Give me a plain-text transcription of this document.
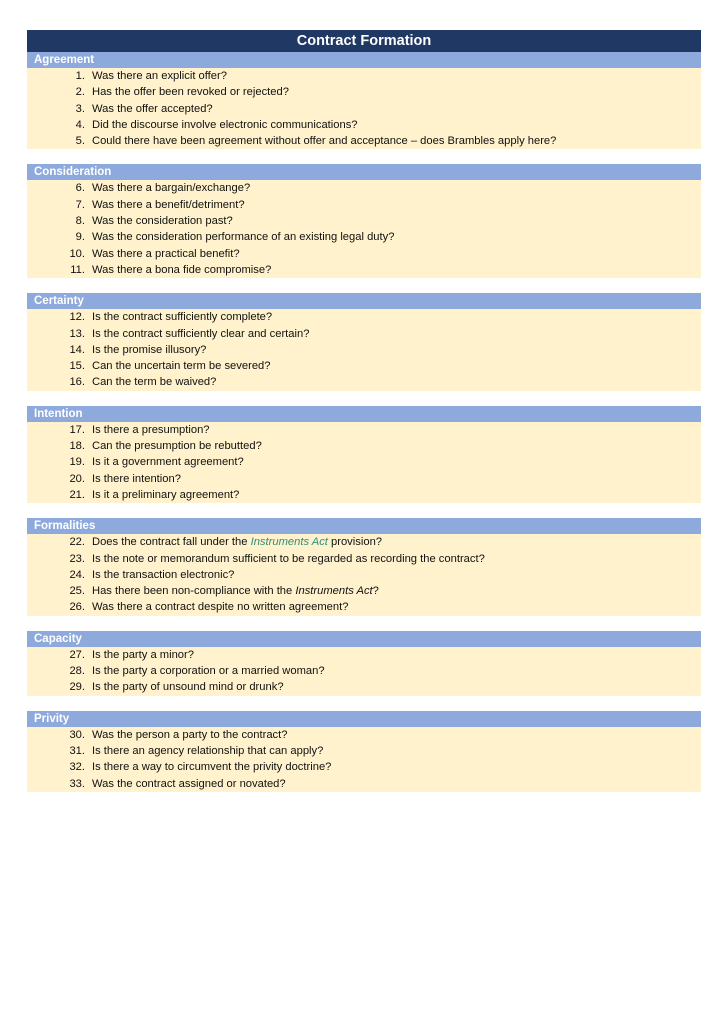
Contract Formation
Agreement
1. Was there an explicit offer?
2. Has the offer been revoked or rejected?
3. Was the offer accepted?
4. Did the discourse involve electronic communications?
5. Could there have been agreement without offer and acceptance – does Brambles apply here?
Consideration
6. Was there a bargain/exchange?
7. Was there a benefit/detriment?
8. Was the consideration past?
9. Was the consideration performance of an existing legal duty?
10. Was there a practical benefit?
11. Was there a bona fide compromise?
Certainty
12. Is the contract sufficiently complete?
13. Is the contract sufficiently clear and certain?
14. Is the promise illusory?
15. Can the uncertain term be severed?
16. Can the term be waived?
Intention
17. Is there a presumption?
18. Can the presumption be rebutted?
19. Is it a government agreement?
20. Is there intention?
21. Is it a preliminary agreement?
Formalities
22. Does the contract fall under the Instruments Act provision?
23. Is the note or memorandum sufficient to be regarded as recording the contract?
24. Is the transaction electronic?
25. Has there been non-compliance with the Instruments Act?
26. Was there a contract despite no written agreement?
Capacity
27. Is the party a minor?
28. Is the party a corporation or a married woman?
29. Is the party of unsound mind or drunk?
Privity
30. Was the person a party to the contract?
31. Is there an agency relationship that can apply?
32. Is there a way to circumvent the privity doctrine?
33. Was the contract assigned or novated?
